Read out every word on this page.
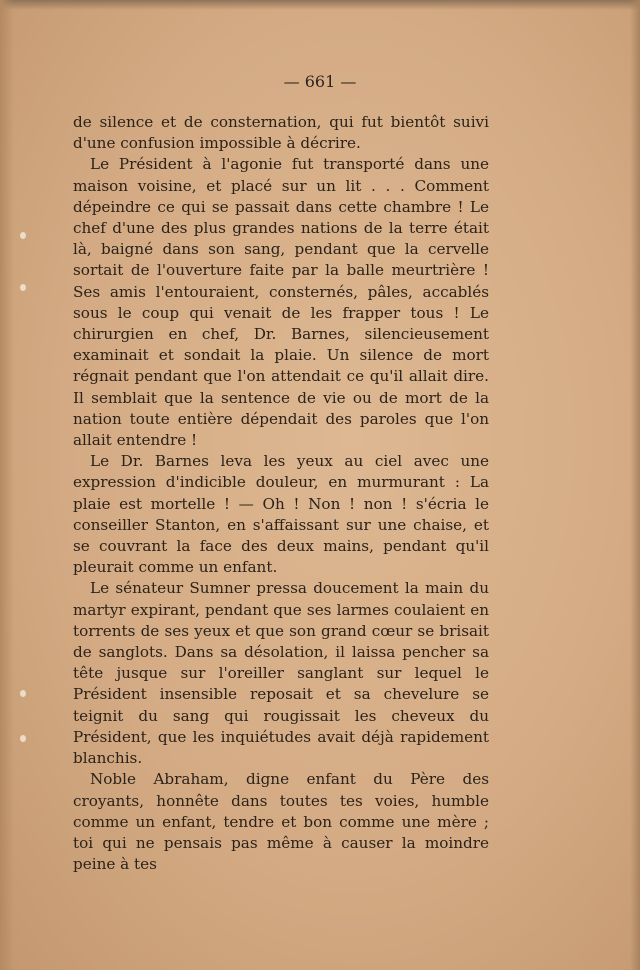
— 661 —

de silence et de consternation, qui fut bientôt suivi d'une confusion impossible à décrire.

Le Président à l'agonie fut transporté dans une maison voisine, et placé sur un lit . . . Comment dépeindre ce qui se passait dans cette chambre ! Le chef d'une des plus grandes nations de la terre était là, baigné dans son sang, pendant que la cervelle sortait de l'ouverture faite par la balle meurtrière ! Ses amis l'entouraient, consternés, pâles, accablés sous le coup qui venait de les frapper tous ! Le chirurgien en chef, Dr. Barnes, silencieusement examinait et sondait la plaie. Un silence de mort régnait pendant que l'on attendait ce qu'il allait dire. Il semblait que la sentence de vie ou de mort de la nation toute entière dépendait des paroles que l'on allait entendre !

Le Dr. Barnes leva les yeux au ciel avec une expression d'indicible douleur, en murmurant : La plaie est mortelle ! — Oh ! Non ! non ! s'écria le conseiller Stanton, en s'affaissant sur une chaise, et se couvrant la face des deux mains, pendant qu'il pleurait comme un enfant.

Le sénateur Sumner pressa doucement la main du martyr expirant, pendant que ses larmes coulaient en torrents de ses yeux et que son grand cœur se brisait de sanglots. Dans sa désolation, il laissa pencher sa tête jusque sur l'oreiller sanglant sur lequel le Président insensible reposait et sa chevelure se teignit du sang qui rougissait les cheveux du Président, que les inquiétudes avait déjà rapidement blanchis.

Noble Abraham, digne enfant du Père des croyants, honnête dans toutes tes voies, humble comme un enfant, tendre et bon comme une mère ; toi qui ne pensais pas même à causer la moindre peine à tes
